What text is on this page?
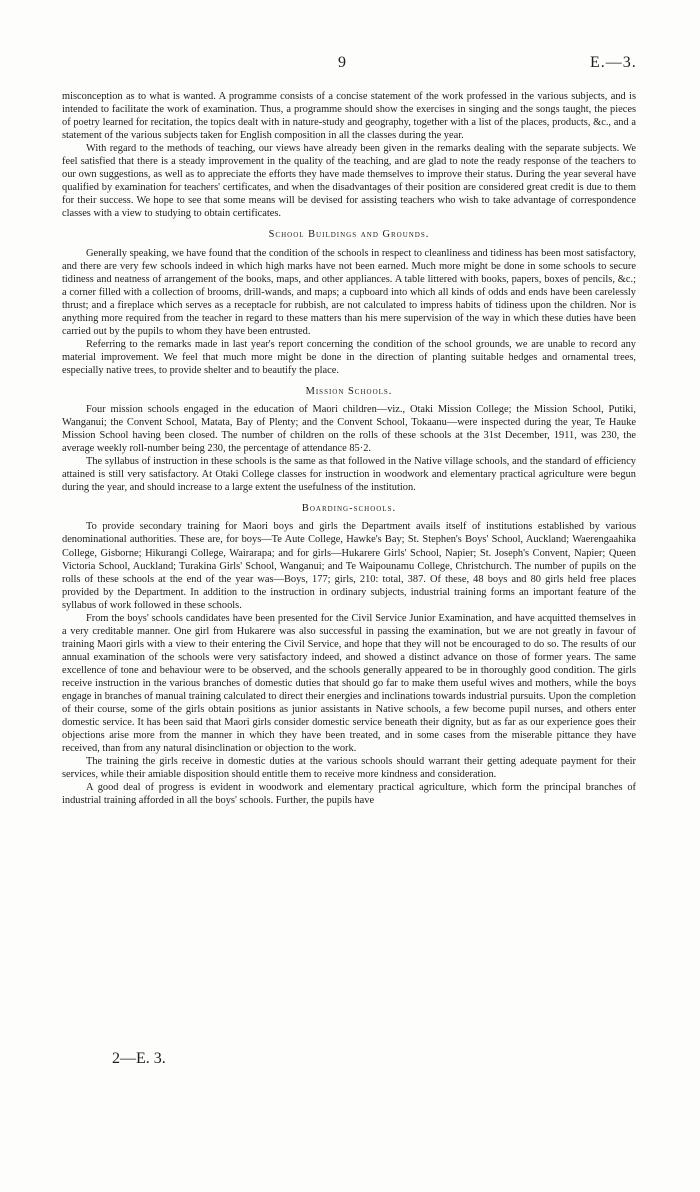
9	E.—3.

misconception as to what is wanted. A programme consists of a concise statement of the work professed in the various subjects, and is intended to facilitate the work of examination. Thus, a programme should show the exercises in singing and the songs taught, the pieces of poetry learned for recitation, the topics dealt with in nature-study and geography, together with a list of the places, products, &c., and a statement of the various subjects taken for English composition in all the classes during the year.

With regard to the methods of teaching, our views have already been given in the remarks dealing with the separate subjects. We feel satisfied that there is a steady improvement in the quality of the teaching, and are glad to note the ready response of the teachers to our own suggestions, as well as to appreciate the efforts they have made themselves to improve their status. During the year several have qualified by examination for teachers' certificates, and when the disadvantages of their position are considered great credit is due to them for their success. We hope to see that some means will be devised for assisting teachers who wish to take advantage of correspondence classes with a view to studying to obtain certificates.

School Buildings and Grounds.

Generally speaking, we have found that the condition of the schools in respect to cleanliness and tidiness has been most satisfactory, and there are very few schools indeed in which high marks have not been earned. Much more might be done in some schools to secure tidiness and neatness of arrangement of the books, maps, and other appliances. A table littered with books, papers, boxes of pencils, &c.; a corner filled with a collection of brooms, drill-wands, and maps; a cupboard into which all kinds of odds and ends have been carelessly thrust; and a fireplace which serves as a receptacle for rubbish, are not calculated to impress habits of tidiness upon the children. Nor is anything more required from the teacher in regard to these matters than his mere supervision of the way in which these duties have been carried out by the pupils to whom they have been entrusted.

Referring to the remarks made in last year's report concerning the condition of the school grounds, we are unable to record any material improvement. We feel that much more might be done in the direction of planting suitable hedges and ornamental trees, especially native trees, to provide shelter and to beautify the place.

Mission Schools.

Four mission schools engaged in the education of Maori children—viz., Otaki Mission College; the Mission School, Putiki, Wanganui; the Convent School, Matata, Bay of Plenty; and the Convent School, Tokaanu—were inspected during the year, Te Hauke Mission School having been closed. The number of children on the rolls of these schools at the 31st December, 1911, was 230, the average weekly roll-number being 230, the percentage of attendance 85·2.

The syllabus of instruction in these schools is the same as that followed in the Native village schools, and the standard of efficiency attained is still very satisfactory. At Otaki College classes for instruction in woodwork and elementary practical agriculture were begun during the year, and should increase to a large extent the usefulness of the institution.

Boarding-schools.

To provide secondary training for Maori boys and girls the Department avails itself of institutions established by various denominational authorities. These are, for boys—Te Aute College, Hawke's Bay; St. Stephen's Boys' School, Auckland; Waerengaahika College, Gisborne; Hikurangi College, Wairarapa; and for girls—Hukarere Girls' School, Napier; St. Joseph's Convent, Napier; Queen Victoria School, Auckland; Turakina Girls' School, Wanganui; and Te Waipounamu College, Christchurch. The number of pupils on the rolls of these schools at the end of the year was—Boys, 177; girls, 210: total, 387. Of these, 48 boys and 80 girls held free places provided by the Department. In addition to the instruction in ordinary subjects, industrial training forms an important feature of the syllabus of work followed in these schools.

From the boys' schools candidates have been presented for the Civil Service Junior Examination, and have acquitted themselves in a very creditable manner. One girl from Hukarere was also successful in passing the examination, but we are not greatly in favour of training Maori girls with a view to their entering the Civil Service, and hope that they will not be encouraged to do so. The results of our annual examination of the schools were very satisfactory indeed, and showed a distinct advance on those of former years. The same excellence of tone and behaviour were to be observed, and the schools generally appeared to be in thoroughly good condition. The girls receive instruction in the various branches of domestic duties that should go far to make them useful wives and mothers, while the boys engage in branches of manual training calculated to direct their energies and inclinations towards industrial pursuits. Upon the completion of their course, some of the girls obtain positions as junior assistants in Native schools, a few become pupil nurses, and others enter domestic service. It has been said that Maori girls consider domestic service beneath their dignity, but as far as our experience goes their objections arise more from the manner in which they have been treated, and in some cases from the miserable pittance they have received, than from any natural disinclination or objection to the work.

The training the girls receive in domestic duties at the various schools should warrant their getting adequate payment for their services, while their amiable disposition should entitle them to receive more kindness and consideration.

A good deal of progress is evident in woodwork and elementary practical agriculture, which form the principal branches of industrial training afforded in all the boys' schools. Further, the pupils have

2—E. 3.
